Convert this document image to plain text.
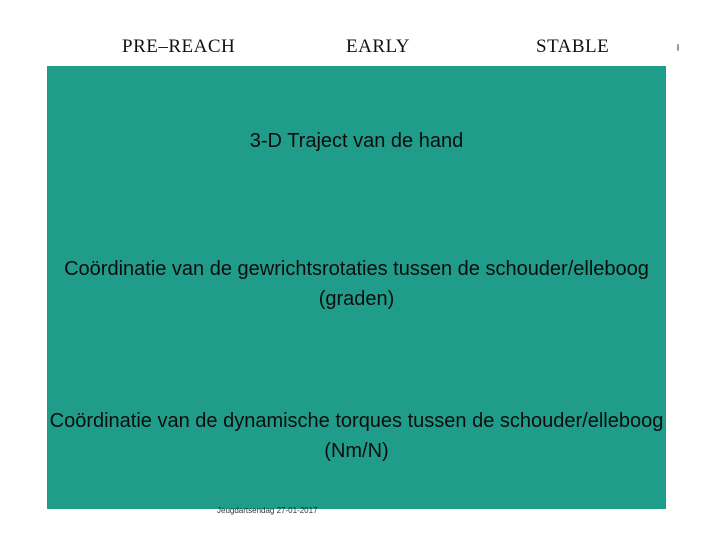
PRE–REACH	EARLY	STABLE
3-D Traject van de hand
Coördinatie van de gewrichtsrotaties tussen de schouder/elleboog (graden)
Coördinatie van de dynamische torques tussen de schouder/elleboog (Nm/N)
Jeugdartsendag 27-01-2017
